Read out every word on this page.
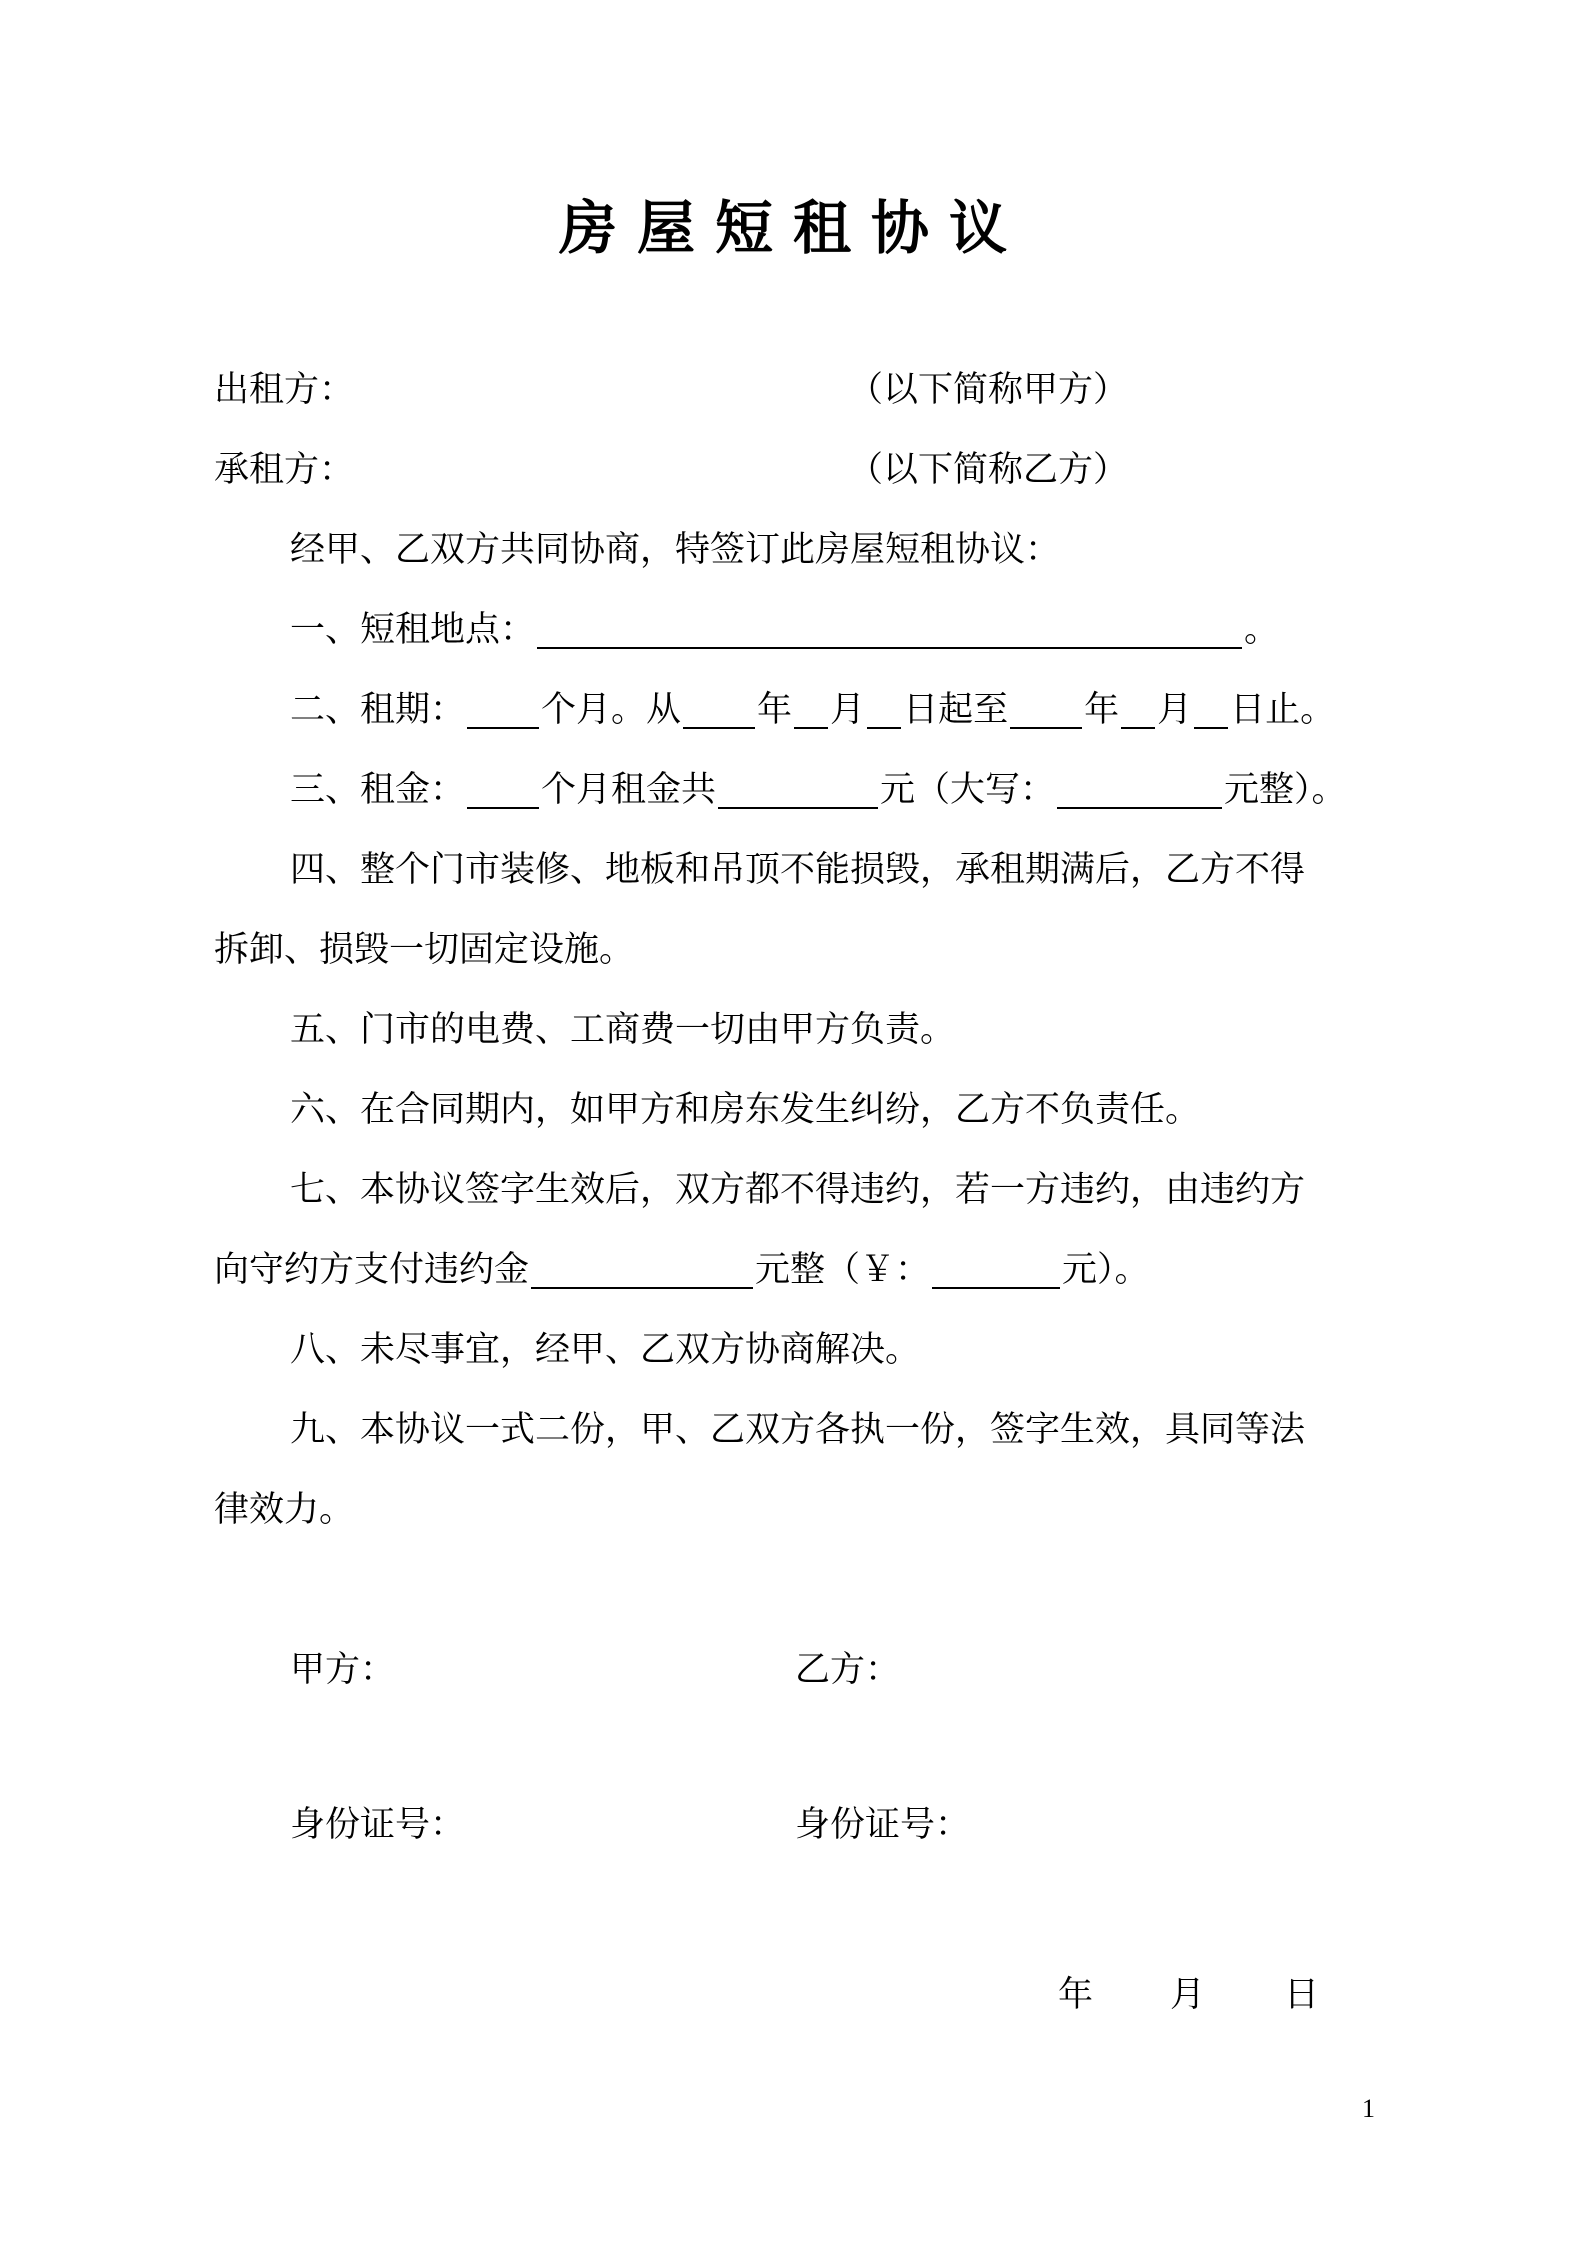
房屋短租协议
出租方：	（以下简称甲方）
承租方：	（以下简称乙方）
经甲、乙双方共同协商，特签订此房屋短租协议：
一、短租地点：	。
二、租期： 个月。从 年 月 日起至 年 月 日止。
三、租金： 个月租金共	元（大写：	元整）。
四、整个门市装修、地板和吊顶不能损毁，承租期满后，乙方不得
拆卸、损毁一切固定设施。
五、门市的电费、工商费一切由甲方负责。
六、在合同期内，如甲方和房东发生纠纷，乙方不负责任。
七、本协议签字生效后，双方都不得违约，若一方违约，由违约方
向守约方支付违约金	元整（￥：	元）。
八、未尽事宜，经甲、乙双方协商解决。
九、本协议一式二份，甲、乙双方各执一份，签字生效，具同等法
律效力。
甲方：	乙方：
身份证号：	身份证号：
年 月 日
1
